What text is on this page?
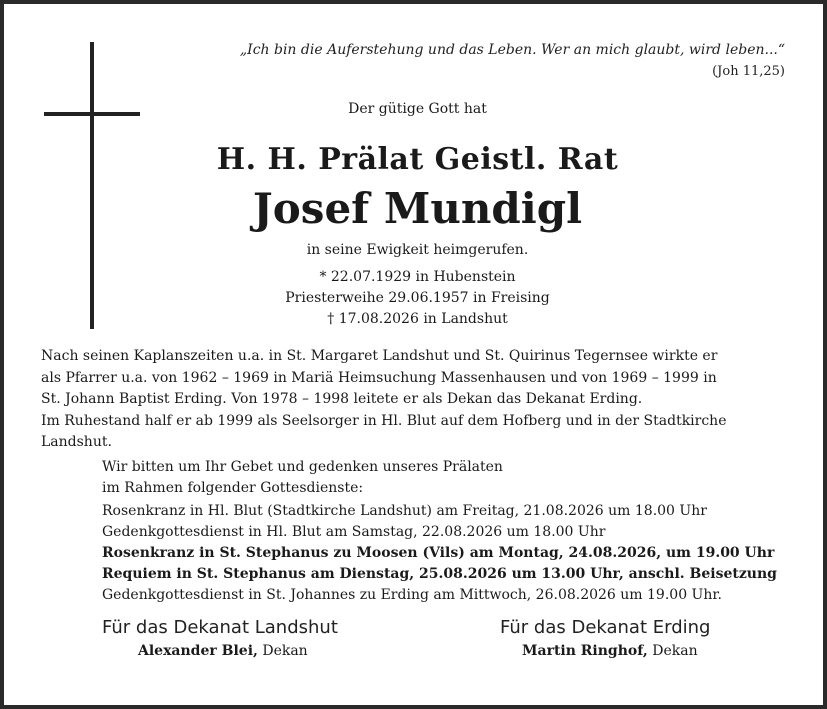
„Ich bin die Auferstehung und das Leben. Wer an mich glaubt, wird leben...“
(Joh 11,25)
Der gütige Gott hat
H. H. Prälat Geistl. Rat
Josef Mundigl
in seine Ewigkeit heimgerufen.
* 22.07.1929 in Hubenstein
Priesterweihe 29.06.1957 in Freising
† 17.08.2026 in Landshut
Nach seinen Kaplanszeiten u.a. in St. Margaret Landshut und St. Quirinus Tegernsee wirkte er
als Pfarrer u.a. von 1962 – 1969 in Mariä Heimsuchung Massenhausen und von 1969 – 1999 in
St. Johann Baptist Erding. Von 1978 – 1998 leitete er als Dekan das Dekanat Erding.
Im Ruhestand half er ab 1999 als Seelsorger in Hl. Blut auf dem Hofberg und in der Stadtkirche
Landshut.
Wir bitten um Ihr Gebet und gedenken unseres Prälaten
im Rahmen folgender Gottesdienste:
Rosenkranz in Hl. Blut (Stadtkirche Landshut) am Freitag, 21.08.2026 um 18.00 Uhr
Gedenkgottesdienst in Hl. Blut am Samstag, 22.08.2026 um 18.00 Uhr
Rosenkranz in St. Stephanus zu Moosen (Vils) am Montag, 24.08.2026, um 19.00 Uhr
Requiem in St. Stephanus am Dienstag, 25.08.2026 um 13.00 Uhr, anschl. Beisetzung
Gedenkgottesdienst in St. Johannes zu Erding am Mittwoch, 26.08.2026 um 19.00 Uhr.
Für das Dekanat Landshut	Für das Dekanat Erding
Alexander Blei, Dekan	Martin Ringhof, Dekan
